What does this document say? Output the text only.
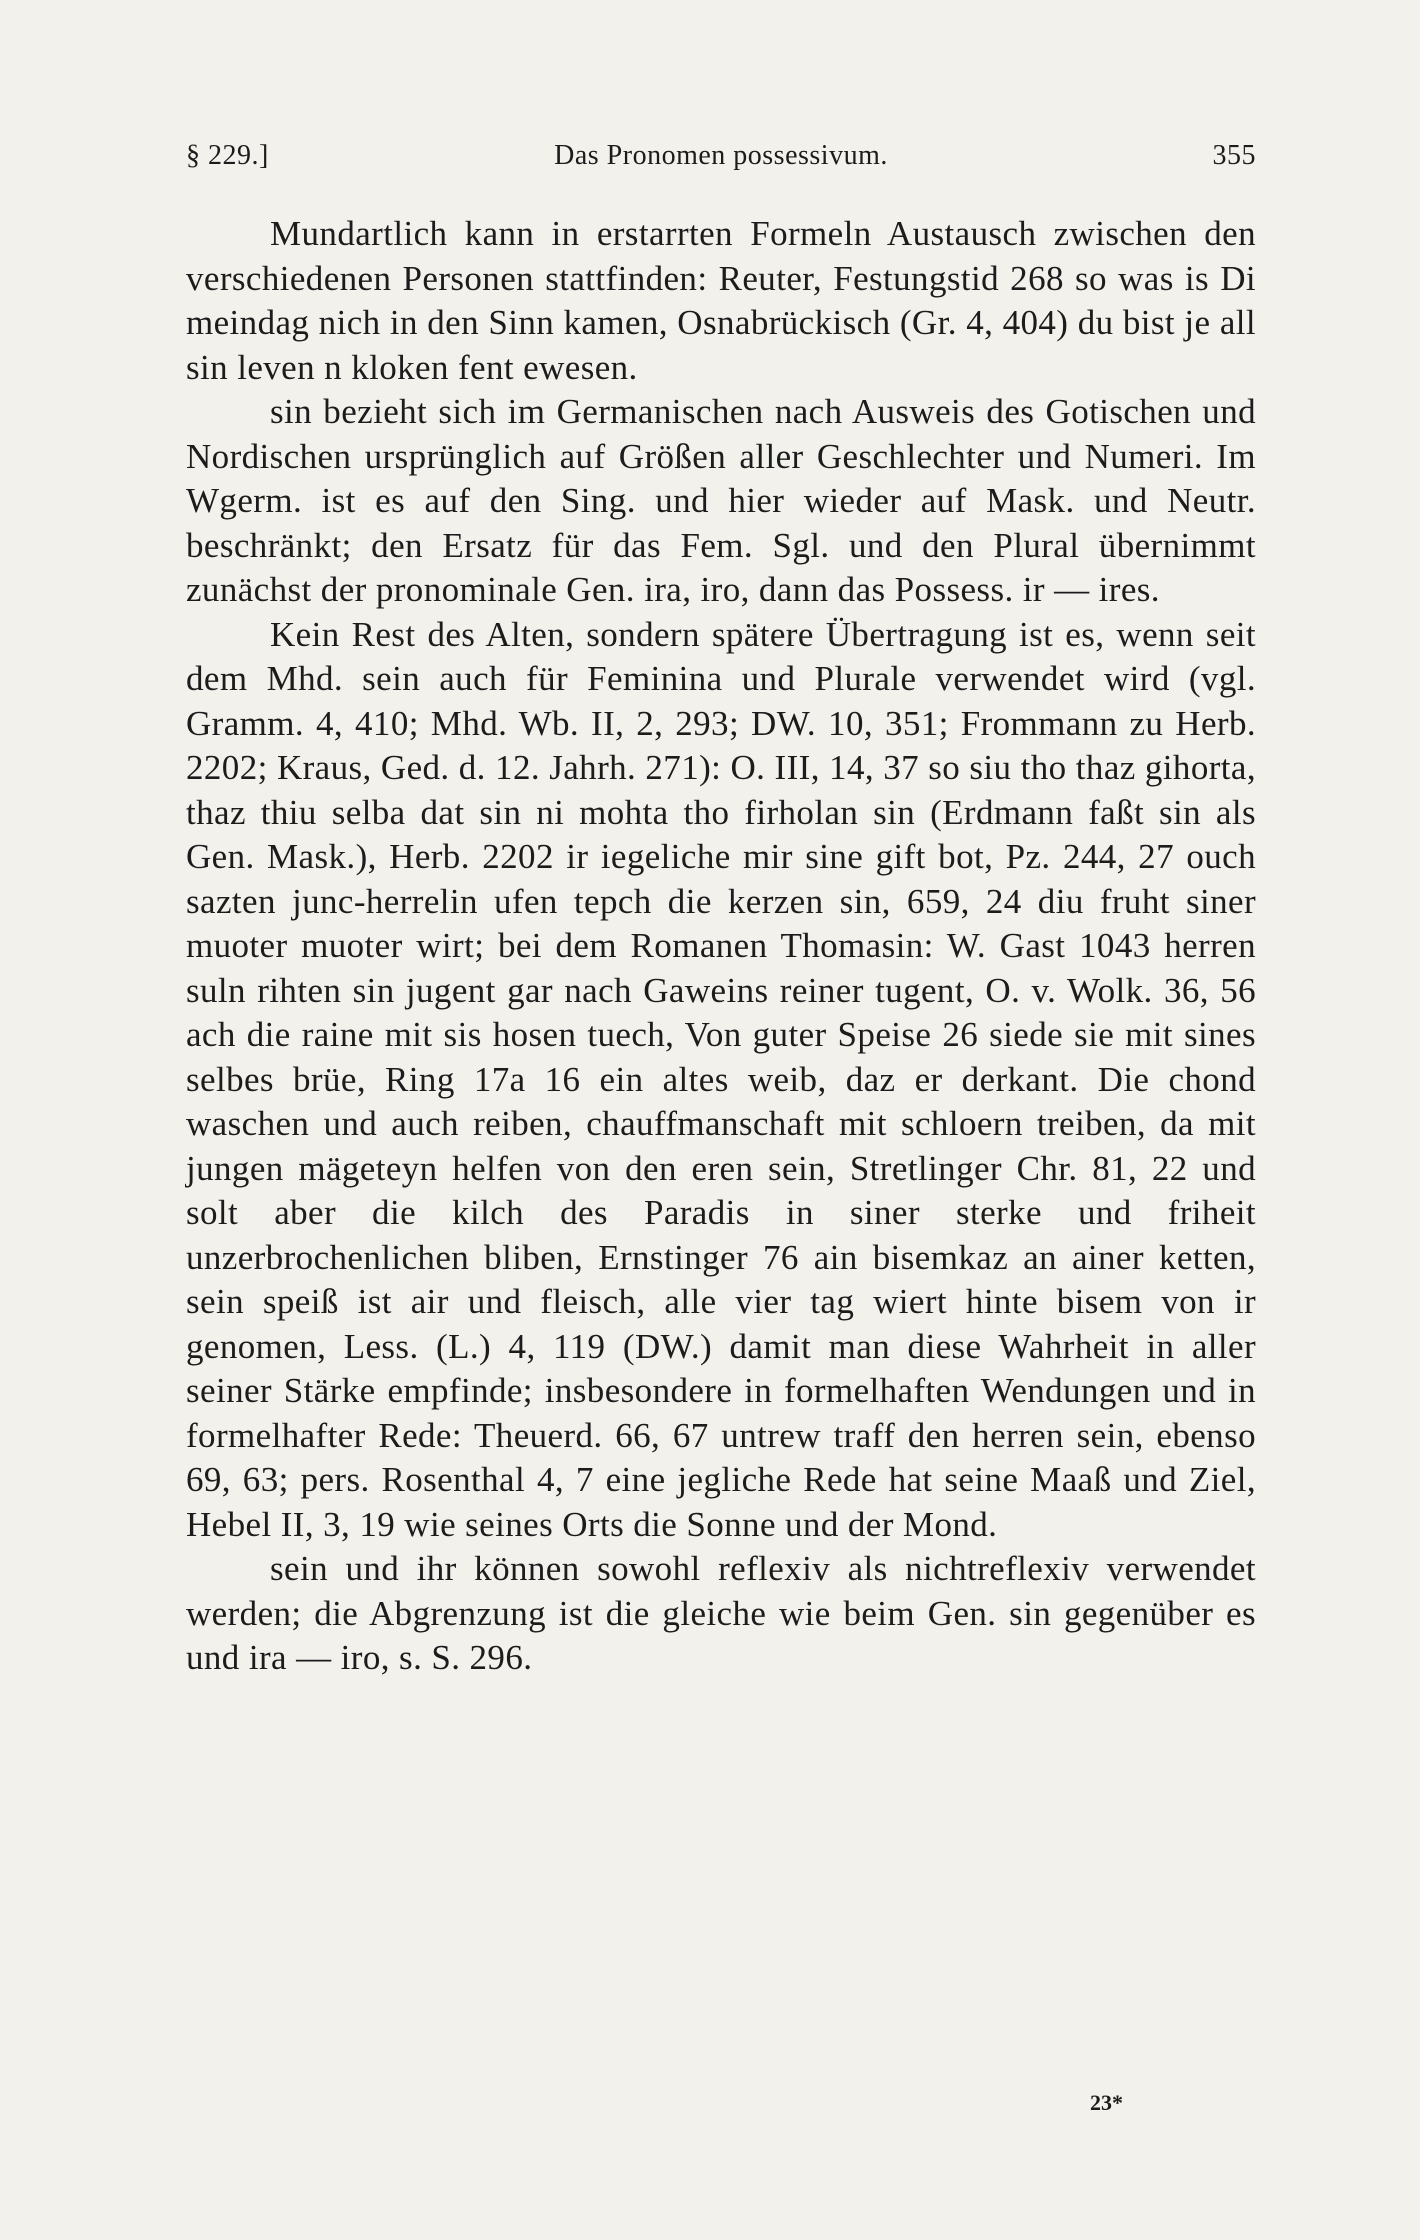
§ 229.]	Das Pronomen possessivum.	355

Mundartlich kann in erstarrten Formeln Austausch zwischen den verschiedenen Personen stattfinden: Reuter, Festungstid 268 so was is Di meindag nich in den Sinn kamen, Osnabrückisch (Gr. 4, 404) du bist je all sin leven n kloken fent ewesen.

sin bezieht sich im Germanischen nach Ausweis des Gotischen und Nordischen ursprünglich auf Größen aller Geschlechter und Numeri. Im Wgerm. ist es auf den Sing. und hier wieder auf Mask. und Neutr. beschränkt; den Ersatz für das Fem. Sgl. und den Plural übernimmt zunächst der pronominale Gen. ira, iro, dann das Possess. ir — ires.

Kein Rest des Alten, sondern spätere Übertragung ist es, wenn seit dem Mhd. sein auch für Feminina und Plurale verwendet wird (vgl. Gramm. 4, 410; Mhd. Wb. II, 2, 293; DW. 10, 351; Frommann zu Herb. 2202; Kraus, Ged. d. 12. Jahrh. 271): O. III, 14, 37 so siu tho thaz gihorta, thaz thiu selba dat sin ni mohta tho firholan sin (Erdmann faßt sin als Gen. Mask.), Herb. 2202 ir iegeliche mir sine gift bot, Pz. 244, 27 ouch sazten junc-herrelin ufen tepch die kerzen sin, 659, 24 diu fruht siner muoter muoter wirt; bei dem Romanen Thomasin: W. Gast 1043 herren suln rihten sin jugent gar nach Gaweins reiner tugent, O. v. Wolk. 36, 56 ach die raine mit sis hosen tuech, Von guter Speise 26 siede sie mit sines selbes brüe, Ring 17a 16 ein altes weib, daz er derkant. Die chond waschen und auch reiben, chauffmanschaft mit schloern treiben, da mit jungen mägeteyn helfen von den eren sein, Stretlinger Chr. 81, 22 und solt aber die kilch des Paradis in siner sterke und friheit unzerbrochenlichen bliben, Ernstinger 76 ain bisemkaz an ainer ketten, sein speiß ist air und fleisch, alle vier tag wiert hinte bisem von ir genomen, Less. (L.) 4, 119 (DW.) damit man diese Wahrheit in aller seiner Stärke empfinde; insbesondere in formelhaften Wendungen und in formelhafter Rede: Theuerd. 66, 67 untrew traff den herren sein, ebenso 69, 63; pers. Rosenthal 4, 7 eine jegliche Rede hat seine Maaß und Ziel, Hebel II, 3, 19 wie seines Orts die Sonne und der Mond.

sein und ihr können sowohl reflexiv als nichtreflexiv verwendet werden; die Abgrenzung ist die gleiche wie beim Gen. sin gegenüber es und ira — iro, s. S. 296.

23*
